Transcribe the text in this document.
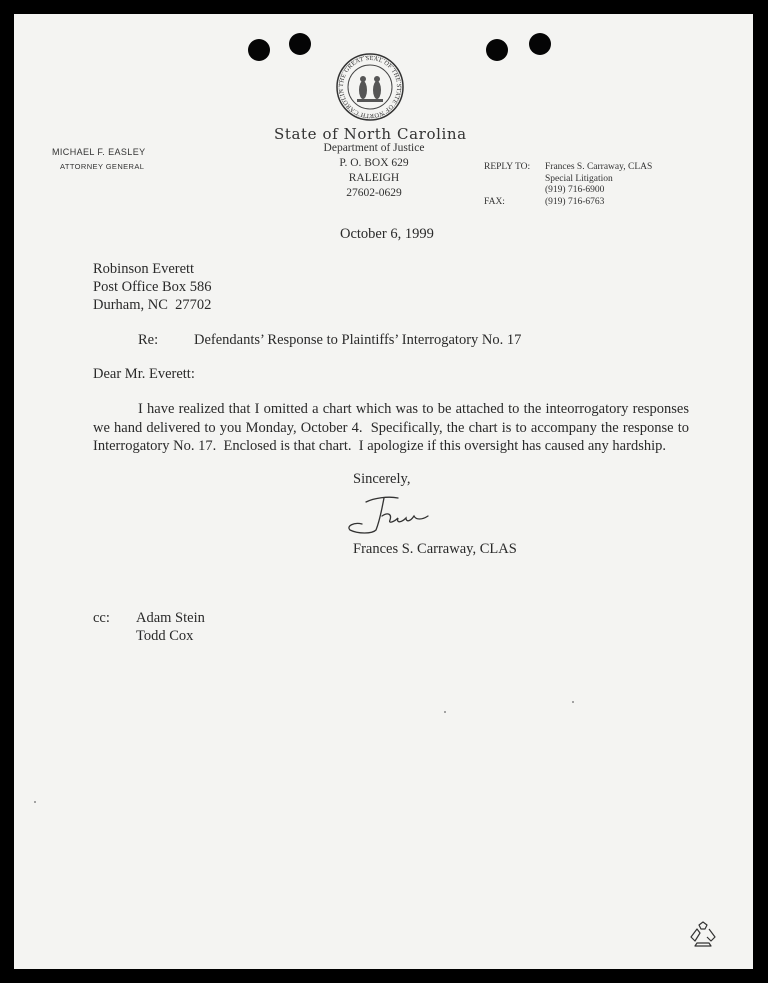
THE GREAT SEAL OF THE STATE OF NORTH CAROLIN
State of North Carolina
Department of Justice
P. O. BOX 629
RALEIGH
27602-0629
MICHAEL F. EASLEY
ATTORNEY GENERAL	REPLY TO: Frances S. Carraway, CLAS
Special Litigation
(919) 716-6900
FAX:	(919) 716-6763
October 6, 1999
Robinson Everett
Post Office Box 586
Durham, NC  27702
Re: Defendants’ Response to Plaintiffs’ Interrogatory No. 17
Dear Mr. Everett:
I have realized that I omitted a chart which was to be attached to the inteorrogatory responses we hand delivered to you Monday, October 4.  Specifically, the chart is to accompany the response to Interrogatory No. 17.  Enclosed is that chart.  I apologize if this oversight has caused any hardship.
Sincerely,
Frances S. Carraway, CLAS
cc: Adam Stein
Todd Cox
